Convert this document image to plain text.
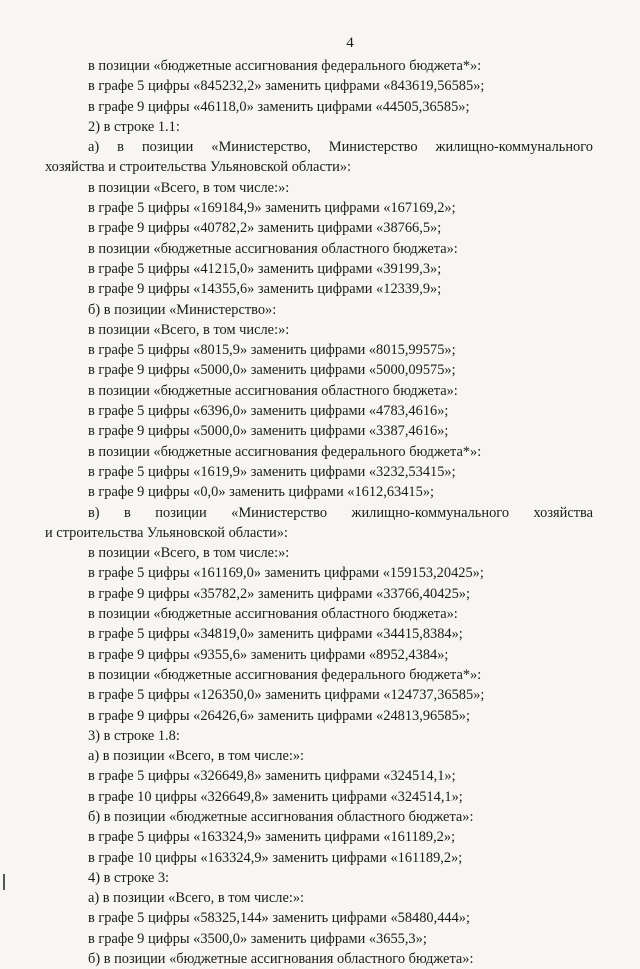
4
в позиции «бюджетные ассигнования федерального бюджета*»:
в графе 5 цифры «845232,2» заменить цифрами «843619,56585»;
в графе 9 цифры «46118,0» заменить цифрами «44505,36585»;
2) в строке 1.1:
а) в позиции «Министерство, Министерство жилищно-коммунального
хозяйства и строительства Ульяновской области»:
в позиции «Всего, в том числе:»:
в графе 5 цифры «169184,9» заменить цифрами «167169,2»;
в графе 9 цифры «40782,2» заменить цифрами «38766,5»;
в позиции «бюджетные ассигнования областного бюджета»:
в графе 5 цифры «41215,0» заменить цифрами «39199,3»;
в графе 9 цифры «14355,6» заменить цифрами «12339,9»;
б) в позиции «Министерство»:
в позиции «Всего, в том числе:»:
в графе 5 цифры «8015,9» заменить цифрами «8015,99575»;
в графе 9 цифры «5000,0» заменить цифрами «5000,09575»;
в позиции «бюджетные ассигнования областного бюджета»:
в графе 5 цифры «6396,0» заменить цифрами «4783,4616»;
в графе 9 цифры «5000,0» заменить цифрами «3387,4616»;
в позиции «бюджетные ассигнования федерального бюджета*»:
в графе 5 цифры «1619,9» заменить цифрами «3232,53415»;
в графе 9 цифры «0,0» заменить цифрами «1612,63415»;
в) в позиции «Министерство жилищно-коммунального хозяйства
и строительства Ульяновской области»:
в позиции «Всего, в том числе:»:
в графе 5 цифры «161169,0» заменить цифрами «159153,20425»;
в графе 9 цифры «35782,2» заменить цифрами «33766,40425»;
в позиции «бюджетные ассигнования областного бюджета»:
в графе 5 цифры «34819,0» заменить цифрами «34415,8384»;
в графе 9 цифры «9355,6» заменить цифрами «8952,4384»;
в позиции «бюджетные ассигнования федерального бюджета*»:
в графе 5 цифры «126350,0» заменить цифрами «124737,36585»;
в графе 9 цифры «26426,6» заменить цифрами «24813,96585»;
3) в строке 1.8:
а) в позиции «Всего, в том числе:»:
в графе 5 цифры «326649,8» заменить цифрами «324514,1»;
в графе 10 цифры «326649,8» заменить цифрами «324514,1»;
б) в позиции «бюджетные ассигнования областного бюджета»:
в графе 5 цифры «163324,9» заменить цифрами «161189,2»;
в графе 10 цифры «163324,9» заменить цифрами «161189,2»;
4) в строке 3:
а) в позиции «Всего, в том числе:»:
в графе 5 цифры «58325,144» заменить цифрами «58480,444»;
в графе 9 цифры «3500,0» заменить цифрами «3655,3»;
б) в позиции «бюджетные ассигнования областного бюджета»:
